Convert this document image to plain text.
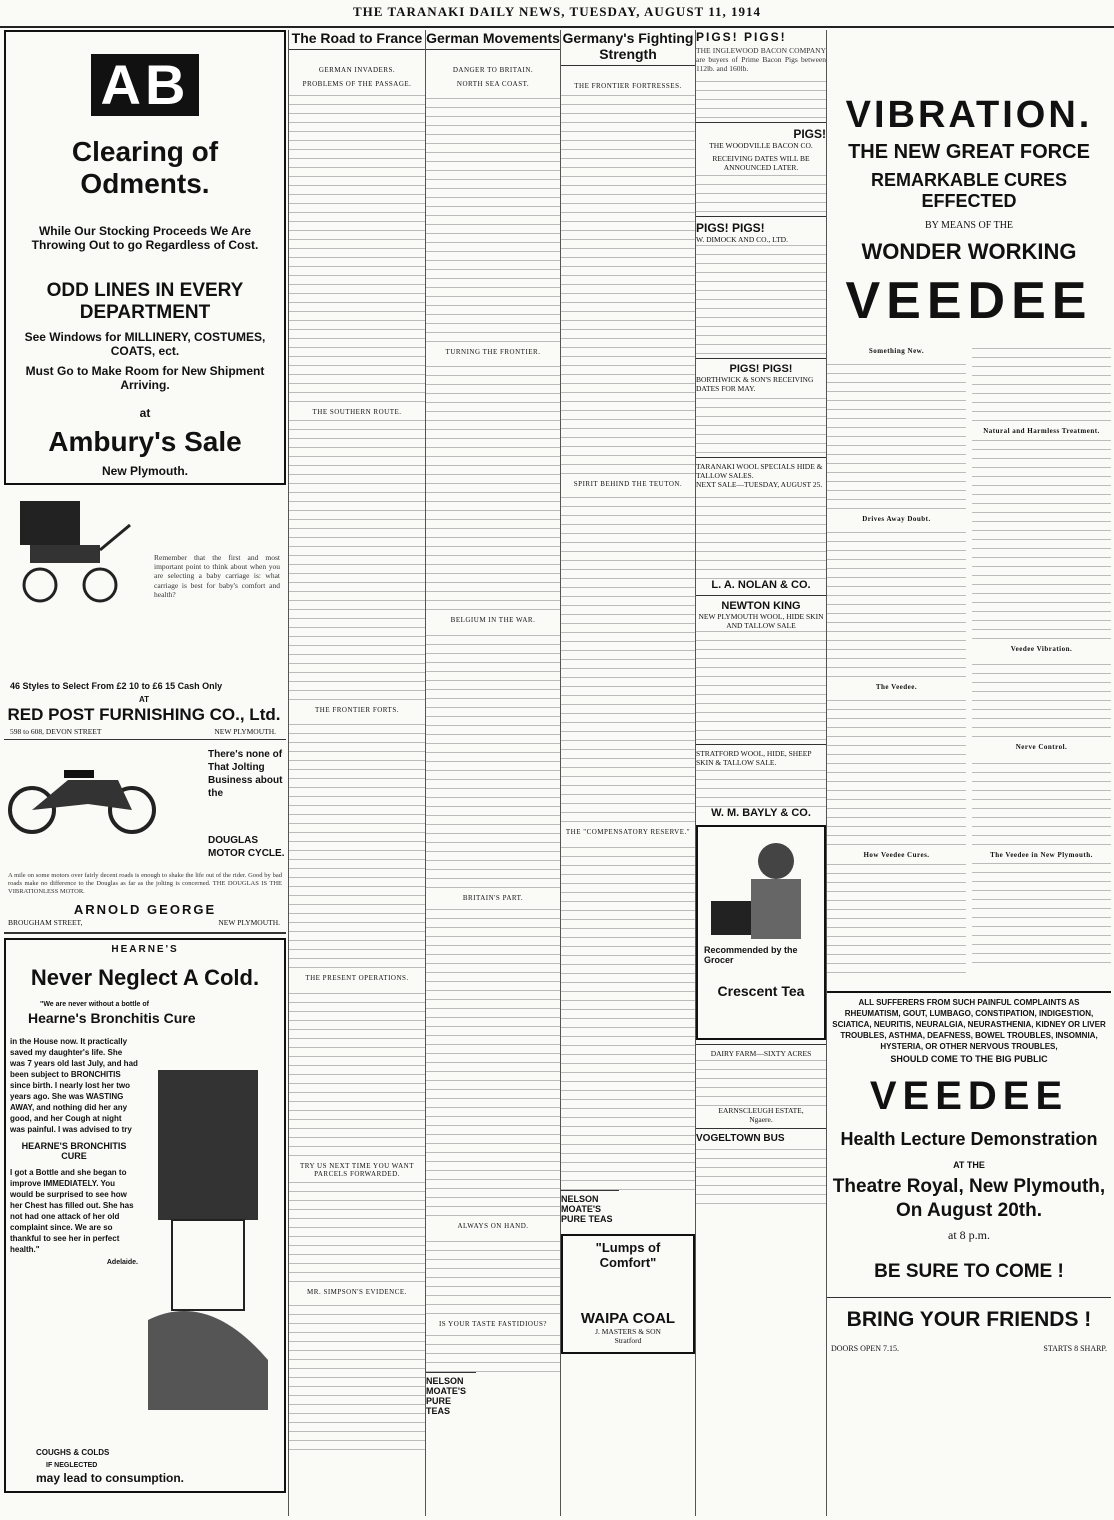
THE TARANAKI DAILY NEWS, TUESDAY, AUGUST 11, 1914
AB
Clearing of Odments.
While Our Stocking Proceeds We Are
Throwing Out to go Regardless of Cost.
ODD LINES IN EVERY DEPARTMENT
See Windows for MILLINERY, COSTUMES, COATS, ect.
Must Go to Make Room for New Shipment Arriving.
at
Ambury's Sale
New Plymouth.
Remember that the first and most important point to think about when you are selecting a baby carriage is: what carriage is best for baby's comfort and health?
46 Styles to Select From £2 10 to £6 15 Cash Only
AT
RED POST FURNISHING CO., Ltd.
598 to 608, DEVON STREET	NEW PLYMOUTH.
There's none of That Jolting Business about the
DOUGLAS MOTOR CYCLE.
A mile on some motors over fairly decent roads is enough to shake the life out of the rider. Good by bad roads make no difference to the Douglas as far as the jolting is concerned. THE DOUGLAS IS THE VIBRATIONLESS MOTOR.
ARNOLD GEORGE
BROUGHAM STREET,	NEW PLYMOUTH.
HEARNE'S
Never Neglect A Cold.
"We are never without a bottle of
Hearne's Bronchitis Cure
in the House now. It practically saved my daughter's life. She was 7 years old last July, and had been subject to BRONCHITIS since birth. I nearly lost her two years ago. She was WASTING AWAY, and nothing did her any good, and her Cough at night was painful. I was advised to try
HEARNE'S BRONCHITIS CURE
I got a Bottle and she began to improve IMMEDIATELY. You would be surprised to see how her Chest has filled out. She has not had one attack of her old complaint since. We are so thankful to see her in perfect health."
Adelaide.
COUGHS & COLDS
IF NEGLECTED
may lead to consumption.
The Road to France
GERMAN INVADERS.
PROBLEMS OF THE PASSAGE.
THE SOUTHERN ROUTE.
THE FRONTIER FORTS.
THE PRESENT OPERATIONS.
TRY US NEXT TIME YOU WANT PARCELS FORWARDED.
MR. SIMPSON'S EVIDENCE.
German Movements
DANGER TO BRITAIN.
NORTH SEA COAST.
TURNING THE FRONTIER.
BELGIUM IN THE WAR.
BRITAIN'S PART.
ALWAYS ON HAND.
IS YOUR TASTE FASTIDIOUS?
NELSON MOATE'S PURE TEAS
Germany's Fighting Strength
THE FRONTIER FORTRESSES.
SPIRIT BEHIND THE TEUTON.
THE "COMPENSATORY RESERVE."
NELSON MOATE'S PURE TEAS
"Lumps of Comfort"
WAIPA COAL
J. MASTERS & SON
Stratford
PIGS! PIGS!
THE INGLEWOOD BACON COMPANY are buyers of Prime Bacon Pigs between 112lb. and 160lb.
PIGS!
THE WOODVILLE BACON CO.
RECEIVING DATES WILL BE ANNOUNCED LATER.
PIGS! PIGS!
W. DIMOCK AND CO., LTD.
PIGS! PIGS!
BORTHWICK & SON'S RECEIVING DATES FOR MAY.
TARANAKI WOOL SPECIALS HIDE & TALLOW SALES.
NEXT SALE—TUESDAY, AUGUST 25.
L. A. NOLAN & CO.
NEWTON KING
NEW PLYMOUTH WOOL, HIDE SKIN AND TALLOW SALE
STRATFORD WOOL, HIDE, SHEEP SKIN & TALLOW SALE.
W. M. BAYLY & CO.
Recommended by the Grocer
Crescent Tea
DAIRY FARM—SIXTY ACRES
EARNSCLEUGH ESTATE,
Ngaere.
VOGELTOWN BUS
VIBRATION.
THE NEW GREAT FORCE
REMARKABLE CURES EFFECTED
BY MEANS OF THE
WONDER WORKING
VEEDEE
Something New.
Drives Away Doubt.
The Veedee.
How Veedee Cures.
Natural and Harmless Treatment.
Veedee Vibration.
Nerve Control.
The Veedee in New Plymouth.
ALL SUFFERERS FROM SUCH PAINFUL COMPLAINTS AS RHEUMATISM, GOUT, LUMBAGO, CONSTIPATION, INDIGESTION, SCIATICA, NEURITIS, NEURALGIA, NEURASTHENIA, KIDNEY OR LIVER TROUBLES, ASTHMA, DEAFNESS, BOWEL TROUBLES, INSOMNIA, HYSTERIA, OR OTHER NERVOUS TROUBLES,
SHOULD COME TO THE BIG PUBLIC
VEEDEE
Health Lecture Demonstration
AT THE
Theatre Royal, New Plymouth,
On August 20th.
at 8 p.m.
BE SURE TO COME !
BRING YOUR FRIENDS !
DOORS OPEN 7.15.	STARTS 8 SHARP.
